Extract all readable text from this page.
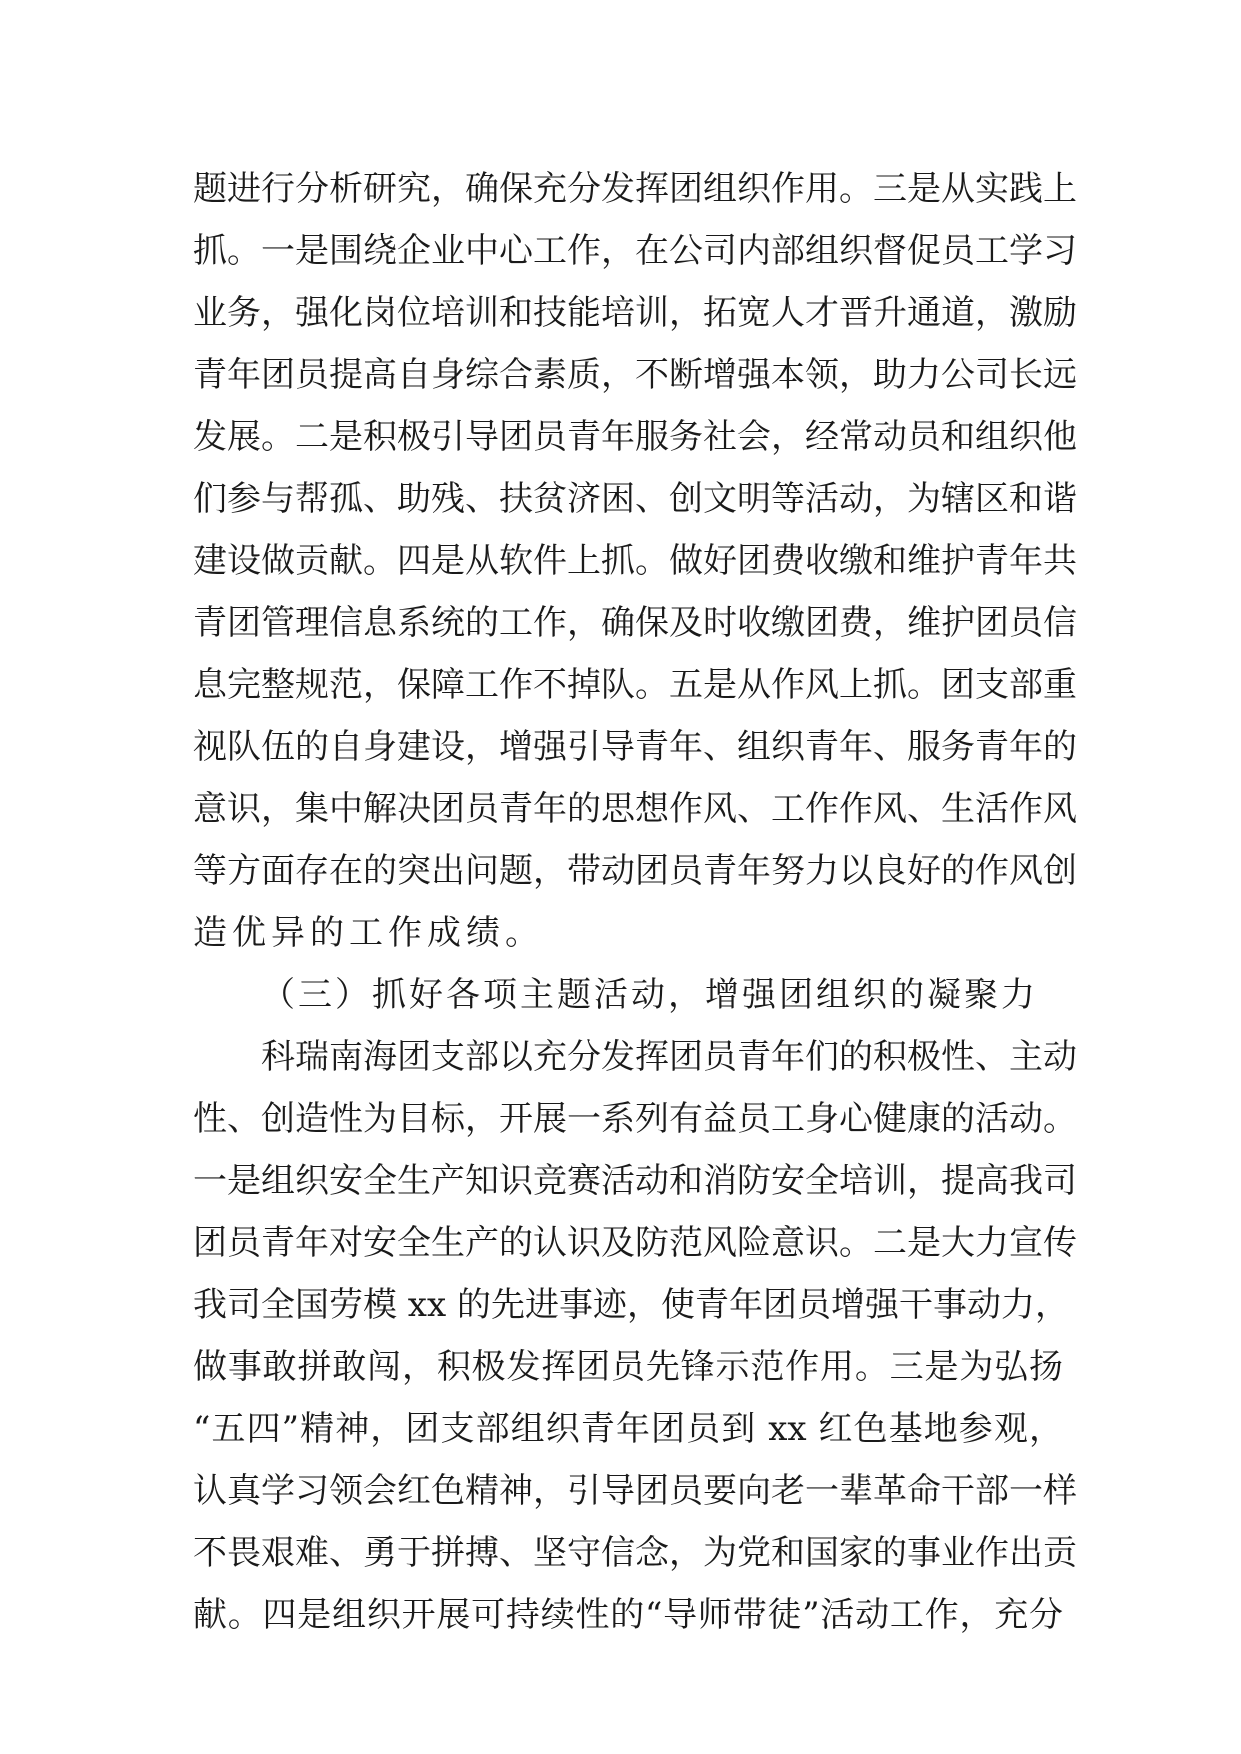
题进行分析研究，确保充分发挥团组织作用。三是从实践上
抓。一是围绕企业中心工作，在公司内部组织督促员工学习
业务，强化岗位培训和技能培训，拓宽人才晋升通道，激励
青年团员提高自身综合素质，不断增强本领，助力公司长远
发展。二是积极引导团员青年服务社会，经常动员和组织他
们参与帮孤、助残、扶贫济困、创文明等活动，为辖区和谐
建设做贡献。四是从软件上抓。做好团费收缴和维护青年共
青团管理信息系统的工作，确保及时收缴团费，维护团员信
息完整规范，保障工作不掉队。五是从作风上抓。团支部重
视队伍的自身建设，增强引导青年、组织青年、服务青年的
意识，集中解决团员青年的思想作风、工作作风、生活作风
等方面存在的突出问题，带动团员青年努力以良好的作风创
造优异的工作成绩。
（三）抓好各项主题活动，增强团组织的凝聚力
科瑞南海团支部以充分发挥团员青年们的积极性、主动
性、创造性为目标，开展一系列有益员工身心健康的活动。
一是组织安全生产知识竞赛活动和消防安全培训，提高我司
团员青年对安全生产的认识及防范风险意识。二是大力宣传
我司全国劳模 xx 的先进事迹，使青年团员增强干事动力，
做事敢拼敢闯，积极发挥团员先锋示范作用。三是为弘扬
“五四”精神，团支部组织青年团员到 xx 红色基地参观，
认真学习领会红色精神，引导团员要向老一辈革命干部一样
不畏艰难、勇于拼搏、坚守信念，为党和国家的事业作出贡
献。四是组织开展可持续性的“导师带徒”活动工作，充分
